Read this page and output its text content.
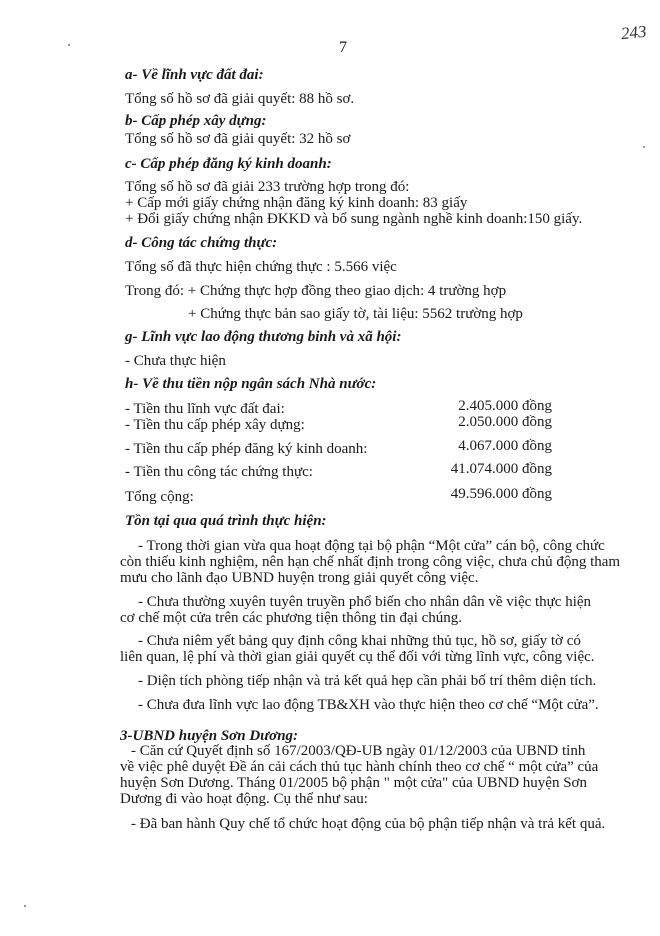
7
243
a- Về lĩnh vực đất đai:
Tổng số hồ sơ đã giải quyết: 88 hồ sơ.
b- Cấp phép xây dựng:
Tổng số hồ sơ đã giải quyết: 32 hồ sơ
c- Cấp phép đăng ký kinh doanh:
Tổng số hồ sơ đã giải 233 trường hợp trong đó:
+ Cấp mới giấy chứng nhận đăng ký kinh doanh: 83 giấy
+ Đổi giấy chứng nhận ĐKKD và bổ sung ngành nghề kinh doanh:150 giấy.
d- Công tác chứng thực:
Tổng số đã thực hiện chứng thực : 5.566 việc
Trong đó: + Chứng thực hợp đồng theo giao dịch: 4 trường hợp
+ Chứng thực bản sao giấy tờ, tài liệu: 5562 trường hợp
g- Lĩnh vực lao động thương binh và xã hội:
- Chưa thực hiện
h- Về thu tiền nộp ngân sách Nhà nước:
- Tiền thu lĩnh vực đất đai:	2.405.000 đồng
- Tiền thu cấp phép xây dựng:	2.050.000 đồng
- Tiền thu cấp phép đăng ký kinh doanh:	4.067.000 đồng
- Tiền thu công tác chứng thực:	41.074.000 đồng
Tổng cộng:	49.596.000 đồng
Tồn tại qua quá trình thực hiện:
- Trong thời gian vừa qua hoạt động tại bộ phận “Một cửa” cán bộ, công chức
còn thiếu kinh nghiệm, nên hạn chế nhất định trong công việc, chưa chủ động tham
mưu cho lãnh đạo UBND huyện trong giải quyết công việc.
- Chưa thường xuyên tuyên truyền phổ biến cho nhân dân về việc thực hiện
cơ chế một cửa trên các phương tiện thông tin đại chúng.
- Chưa niêm yết bảng quy định công khai những thủ tục, hồ sơ, giấy tờ có
liên quan, lệ phí và thời gian giải quyết cụ thể đối với từng lĩnh vực, công việc.
- Diện tích phòng tiếp nhận và trả kết quả hẹp cần phải bố trí thêm diện tích.
- Chưa đưa lĩnh vực lao động TB&XH vào thực hiện theo cơ chế “Một cửa”.
3-UBND huyện Sơn Dương:
- Căn cứ Quyết định số 167/2003/QĐ-UB ngày 01/12/2003 của UBND tỉnh
về việc phê duyệt Đề án cải cách thủ tục hành chính theo cơ chế “ một cửa” của
huyện Sơn Dương. Tháng 01/2005 bộ phận " một cửa" của UBND huyện Sơn
Dương đi vào hoạt động. Cụ thể như sau:
- Đã ban hành Quy chế tổ chức hoạt động của bộ phận tiếp nhận và trả kết quả.
